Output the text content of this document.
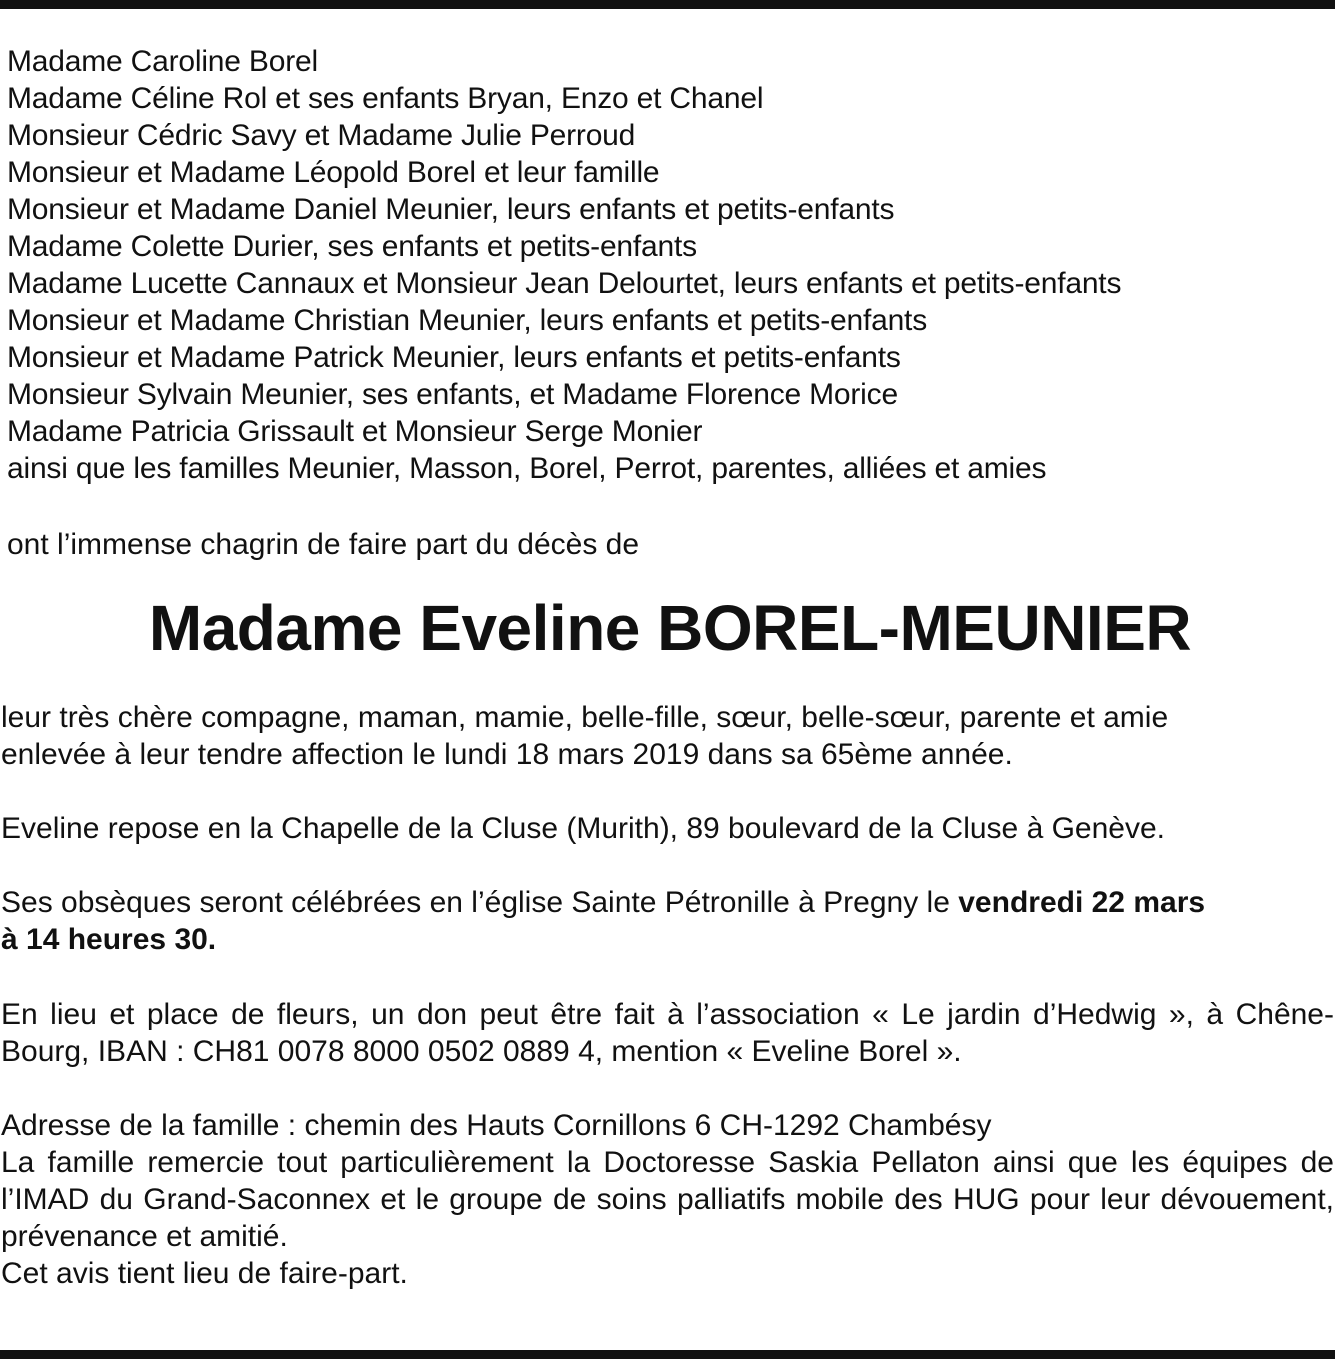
Madame Caroline Borel
Madame Céline Rol et ses enfants Bryan, Enzo et Chanel
Monsieur Cédric Savy et Madame Julie Perroud
Monsieur et Madame Léopold Borel et leur famille
Monsieur et Madame Daniel Meunier, leurs enfants et petits-enfants
Madame Colette Durier, ses enfants et petits-enfants
Madame Lucette Cannaux et Monsieur Jean Delourtet, leurs enfants et petits-enfants
Monsieur et Madame Christian Meunier, leurs enfants et petits-enfants
Monsieur et Madame Patrick Meunier, leurs enfants et petits-enfants
Monsieur Sylvain Meunier, ses enfants, et Madame Florence Morice
Madame Patricia Grissault et Monsieur Serge Monier
ainsi que les familles Meunier, Masson, Borel, Perrot, parentes, alliées et amies
ont l’immense chagrin de faire part du décès de
Madame Eveline BOREL-MEUNIER
leur très chère compagne, maman, mamie, belle-fille, sœur, belle-sœur, parente et amie
enlevée à leur tendre affection le lundi 18 mars 2019 dans sa 65ème année.
Eveline repose en la Chapelle de la Cluse (Murith), 89 boulevard de la Cluse à Genève.
Ses obsèques seront célébrées en l’église Sainte Pétronille à Pregny le vendredi 22 mars
à 14 heures 30.
En lieu et place de fleurs, un don peut être fait à l’association « Le jardin d’Hedwig », à Chêne-Bourg, IBAN : CH81 0078 8000 0502 0889 4, mention « Eveline Borel ».
Adresse de la famille : chemin des Hauts Cornillons 6 CH-1292 Chambésy
La famille remercie tout particulièrement la Doctoresse Saskia Pellaton ainsi que les équipes de l’IMAD du Grand-Saconnex et le groupe de soins palliatifs mobile des HUG pour leur dévouement, prévenance et amitié.
Cet avis tient lieu de faire-part.
